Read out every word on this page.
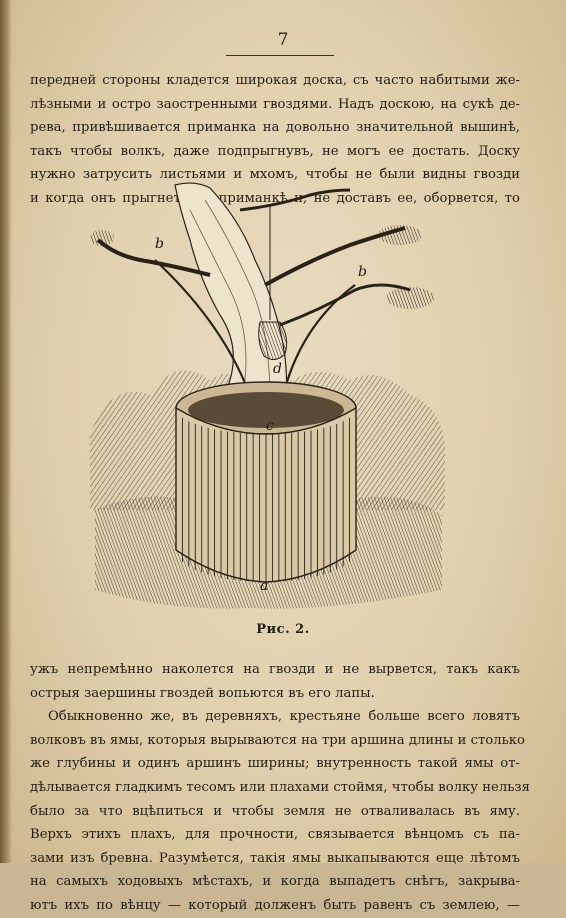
7
передней стороны кладется широкая доска, съ часто набитыми же-
лѣзными и остро заостренными гвоздями. Надъ доскою, на сукѣ де-
рева, привѣшивается приманка на довольно значительной вышинѣ,
такъ чтобы волкъ, даже подпрыгнувъ, не могъ ее достать. Доску
нужно затрусить листьями и мхомъ, чтобы не были видны гвозди
и когда онъ прыгнетъ къ приманкѣ и, не доставъ ее, оборвется, то
b
b
d
c
a
Рис. 2.
ужъ непремѣнно наколется на гвозди и не вырвется, такъ какъ
острыя заершины гвоздей вопьются въ его лапы.
Обыкновенно же, въ деревняхъ, крестьяне больше всего ловятъ
волковъ въ ямы, которыя вырываются на три аршина длины и столько
же глубины и одинъ аршинъ ширины; внутренность такой ямы от-
дѣлывается гладкимъ тесомъ или плахами стоймя, чтобы волку нельзя
было за что вцѣпиться и чтобы земля не отваливалась въ яму.
Верхъ этихъ плахъ, для прочности, связывается вѣнцомъ съ па-
зами изъ бревна. Разумѣется, такія ямы выкапываются еще лѣтомъ
на самыхъ ходовыхъ мѣстахъ, и когда выпадетъ снѣгъ, закрыва-
ютъ ихъ по вѣнцу — который долженъ быть равенъ съ землею, —
